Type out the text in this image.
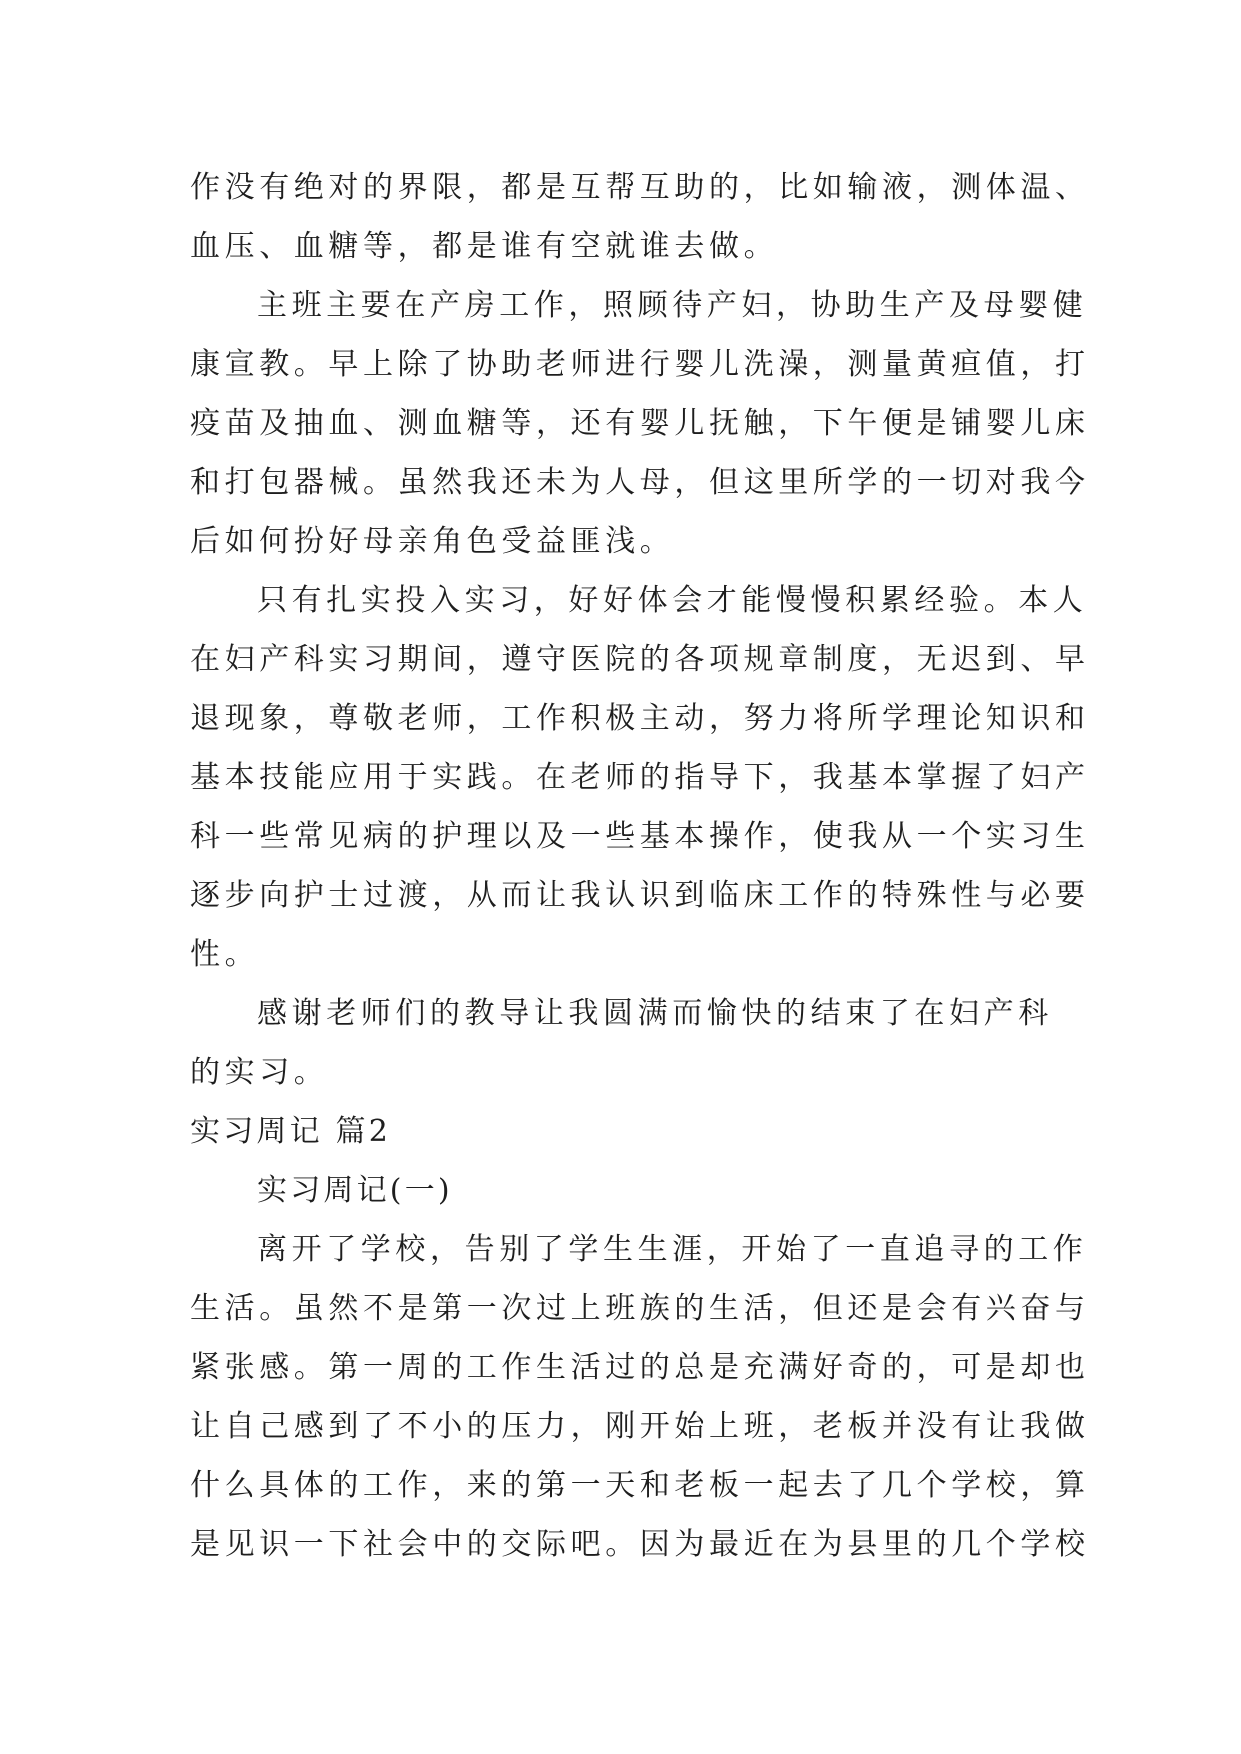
作没有绝对的界限，都是互帮互助的，比如输液，测体温、

血压、血糖等，都是谁有空就谁去做。

主班主要在产房工作，照顾待产妇，协助生产及母婴健

康宣教。早上除了协助老师进行婴儿洗澡，测量黄疸值，打

疫苗及抽血、测血糖等，还有婴儿抚触，下午便是铺婴儿床

和打包器械。虽然我还未为人母，但这里所学的一切对我今

后如何扮好母亲角色受益匪浅。

只有扎实投入实习，好好体会才能慢慢积累经验。本人

在妇产科实习期间，遵守医院的各项规章制度，无迟到、早

退现象，尊敬老师，工作积极主动，努力将所学理论知识和

基本技能应用于实践。在老师的指导下，我基本掌握了妇产

科一些常见病的护理以及一些基本操作，使我从一个实习生

逐步向护士过渡，从而让我认识到临床工作的特殊性与必要

性。

感谢老师们的教导让我圆满而愉快的结束了在妇产科

的实习。

实习周记 篇2

实习周记(一)

离开了学校，告别了学生生涯，开始了一直追寻的工作

生活。虽然不是第一次过上班族的生活，但还是会有兴奋与

紧张感。第一周的工作生活过的总是充满好奇的，可是却也

让自己感到了不小的压力，刚开始上班，老板并没有让我做

什么具体的工作，来的第一天和老板一起去了几个学校，算

是见识一下社会中的交际吧。因为最近在为县里的几个学校
